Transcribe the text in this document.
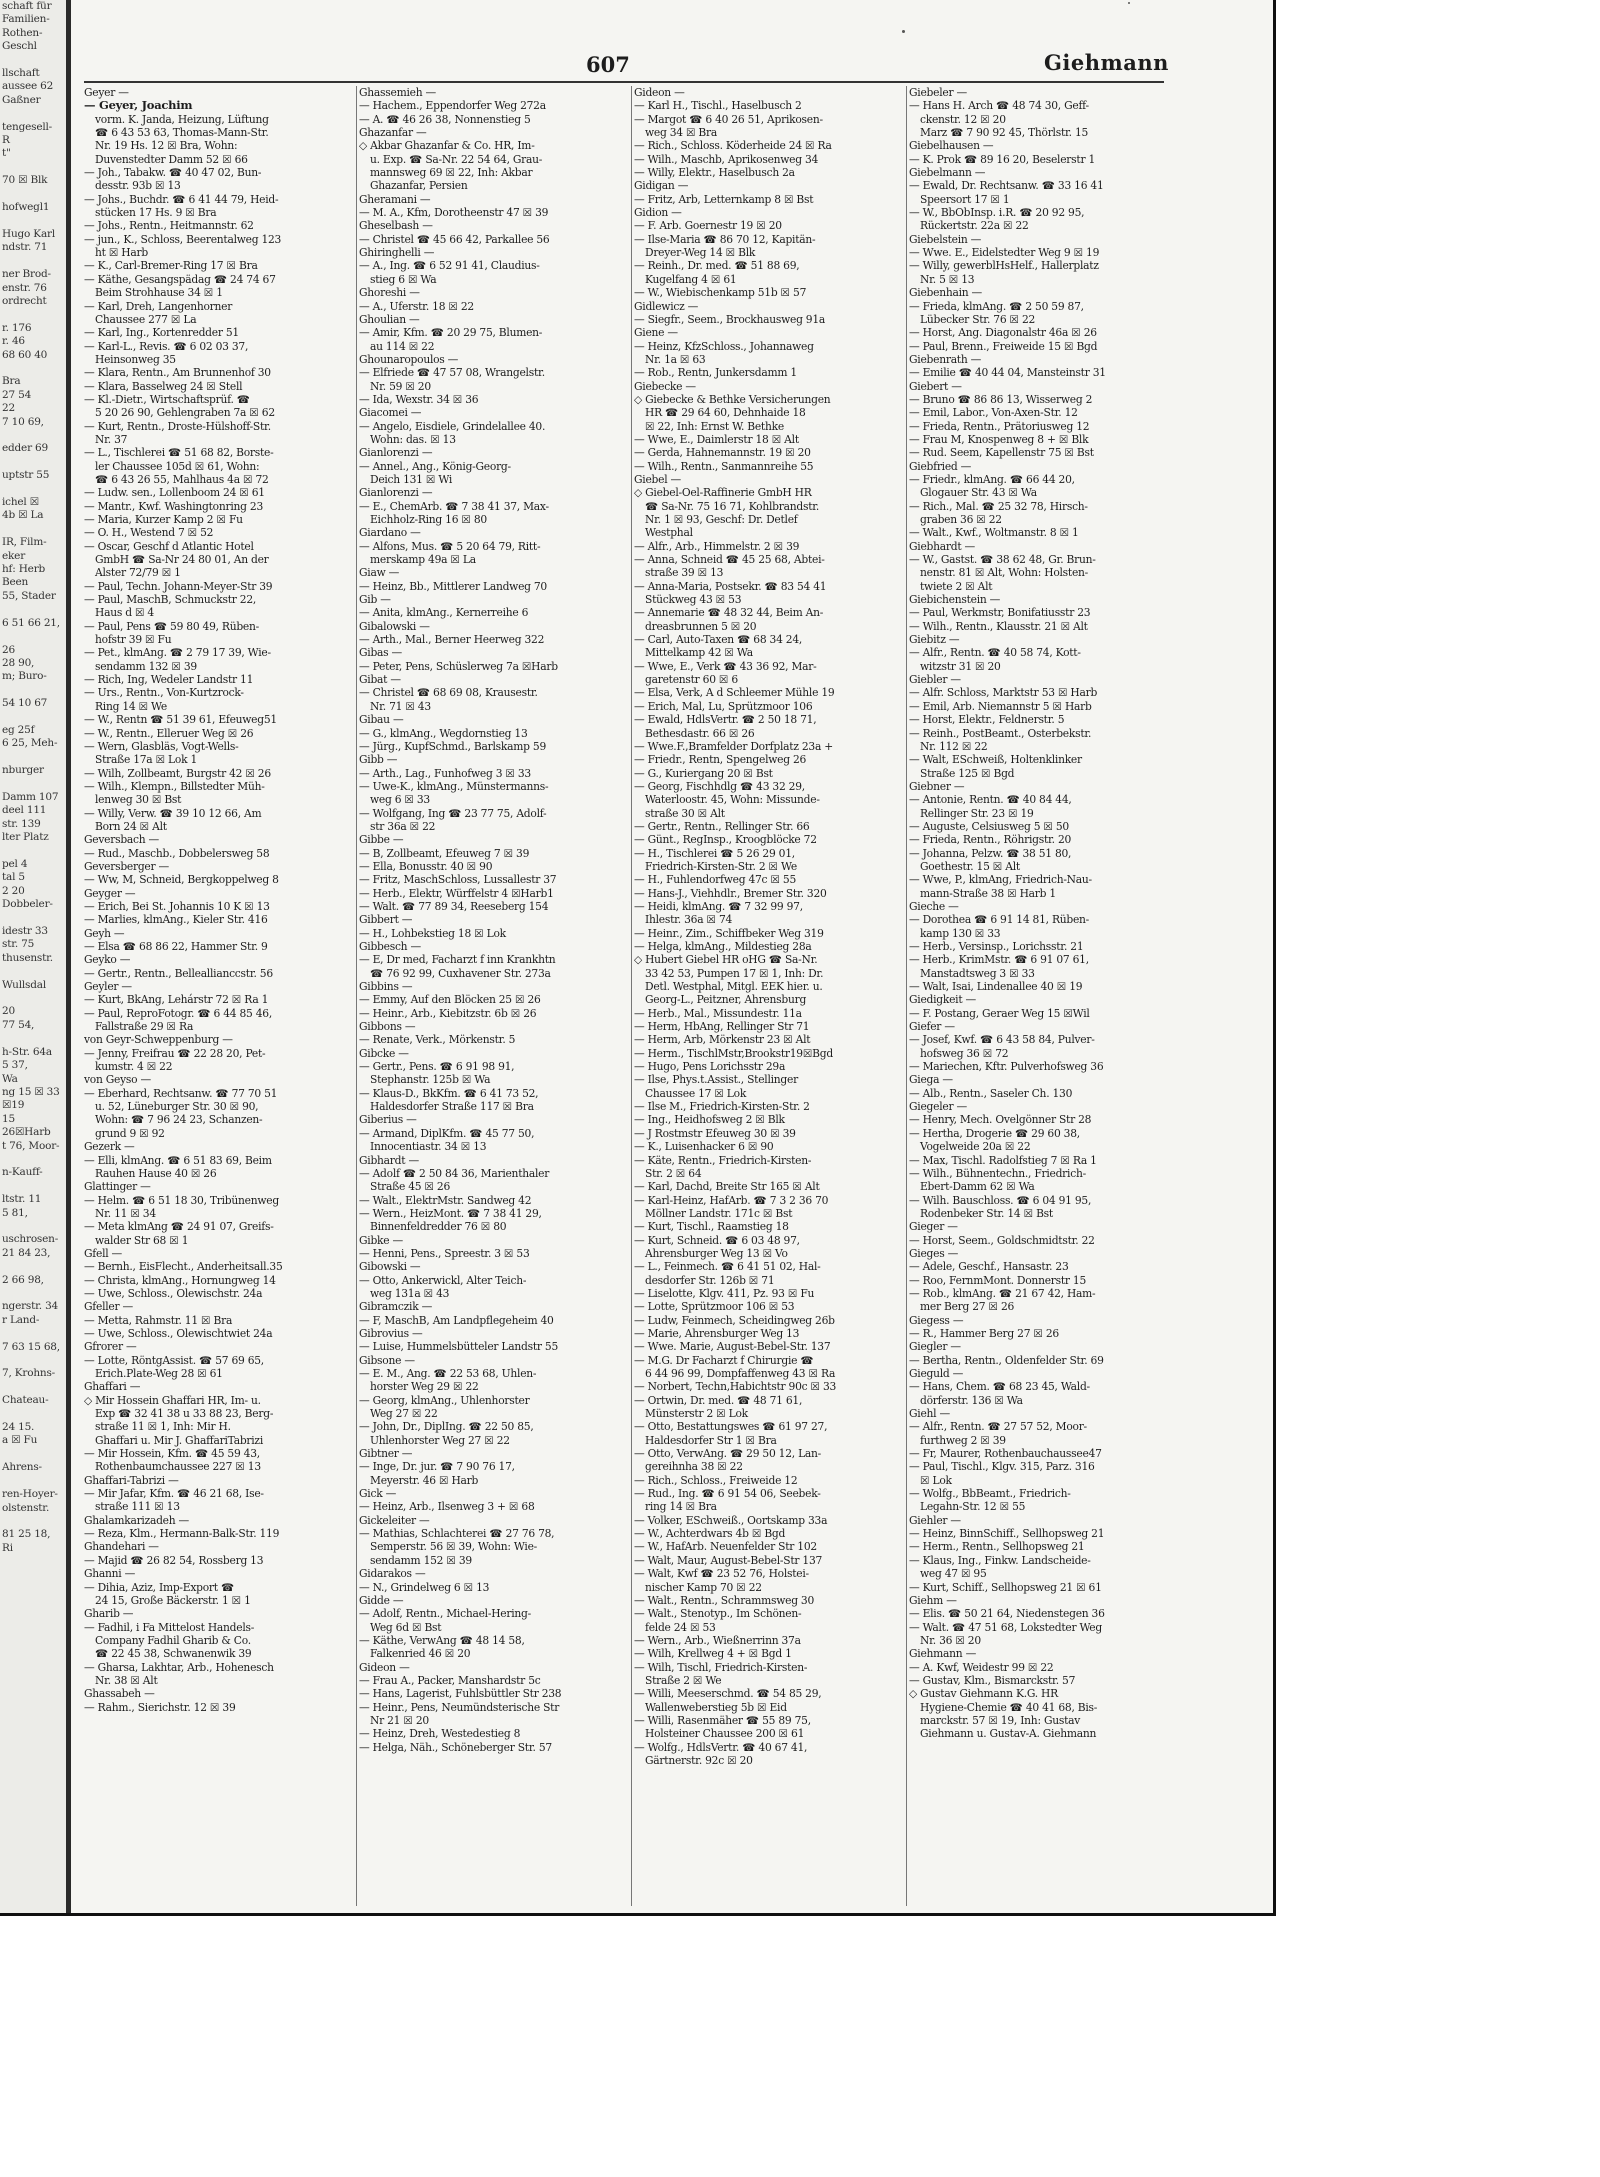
schaft für
Familien-
Rothen-
Geschl

llschaft
aussee 62
Gaßner

tengesell-
R
t"

70 ☒ Blk

hofwegl1

Hugo Karl
ndstr. 71

ner Brod-
enstr. 76
ordrecht

r. 176
r. 46
68 60 40

Bra
27 54
22
7 10 69,

edder 69

uptstr 55

ichel ☒
4b ☒ La

IR, Film-
eker
hf: Herb
Been
55, Stader

6 51 66 21,

26
28 90,
m; Buro-

54 10 67

eg 25f
6 25, Meh-

nburger

Damm 107
deel 111
str. 139
lter Platz

pel 4
tal 5
2 20
Dobbeler-

idestr 33
str. 75
thusenstr.

Wullsdal

20
77 54,

h-Str. 64a
5 37,
Wa
ng 15 ☒ 33
☒19
15
26☒Harb
t 76, Moor-

n-Kauff-

ltstr. 11
5 81,

uschrosen-
21 84 23,

2 66 98,

ngerstr. 34
r Land-

7 63 15 68,

7, Krohns-

Chateau-

24 15.
a ☒ Fu

Ahrens-

ren-Hoyer-
olstenstr.

81 25 18,
Ri
607	Giehmann
Geyer —
— Geyer, Joachim
vorm. K. Janda, Heizung, Lüftung
☎ 6 43 53 63, Thomas-Mann-Str.
Nr. 19 Hs. 12 ☒ Bra, Wohn:
Duvenstedter Damm 52 ☒ 66
— Joh., Tabakw. ☎ 40 47 02, Bun-
desstr. 93b ☒ 13
— Johs., Buchdr. ☎ 6 41 44 79, Heid-
stücken 17 Hs. 9 ☒ Bra
— Johs., Rentn., Heitmannstr. 62
— jun., K., Schloss, Beerentalweg 123
ht ☒ Harb
— K., Carl-Bremer-Ring 17 ☒ Bra
— Käthe, Gesangspädag ☎ 24 74 67
Beim Strohhause 34 ☒ 1
— Karl, Dreh, Langenhorner
Chaussee 277 ☒ La
— Karl, Ing., Kortenredder 51
— Karl-L., Revis. ☎ 6 02 03 37,
Heinsonweg 35
— Klara, Rentn., Am Brunnenhof 30
— Klara, Basselweg 24 ☒ Stell
— Kl.-Dietr., Wirtschaftsprüf. ☎
5 20 26 90, Gehlengraben 7a ☒ 62
— Kurt, Rentn., Droste-Hülshoff-Str.
Nr. 37
— L., Tischlerei ☎ 51 68 82, Borste-
ler Chaussee 105d ☒ 61, Wohn:
☎ 6 43 26 55, Mahlhaus 4a ☒ 72
— Ludw. sen., Lollenboom 24 ☒ 61
— Mantr., Kwf. Washingtonring 23
— Maria, Kurzer Kamp 2 ☒ Fu
— O. H., Westend 7 ☒ 52
— Oscar, Geschf d Atlantic Hotel
GmbH ☎ Sa-Nr 24 80 01, An der
Alster 72/79 ☒ 1
— Paul, Techn. Johann-Meyer-Str 39
— Paul, MaschB, Schmuckstr 22,
Haus d ☒ 4
— Paul, Pens ☎ 59 80 49, Rüben-
hofstr 39 ☒ Fu
— Pet., klmAng. ☎ 2 79 17 39, Wie-
sendamm 132 ☒ 39
— Rich, Ing, Wedeler Landstr 11
— Urs., Rentn., Von-Kurtzrock-
Ring 14 ☒ We
— W., Rentn ☎ 51 39 61, Efeuweg51
— W., Rentn., Elleruer Weg ☒ 26
— Wern, Glasbläs, Vogt-Wells-
Straße 17a ☒ Lok 1
— Wilh, Zollbeamt, Burgstr 42 ☒ 26
— Wilh., Klempn., Billstedter Müh-
lenweg 30 ☒ Bst
— Willy, Verw. ☎ 39 10 12 66, Am
Born 24 ☒ Alt
Geversbach —
— Rud., Maschb., Dobbelersweg 58
Geversberger —
— Ww, M, Schneid, Bergkoppelweg 8
Geyger —
— Erich, Bei St. Johannis 10 K ☒ 13
— Marlies, klmAng., Kieler Str. 416
Geyh —
— Elsa ☎ 68 86 22, Hammer Str. 9
Geyko —
— Gertr., Rentn., Belleallianccstr. 56
Geyler —
— Kurt, BkAng, Lehárstr 72 ☒ Ra 1
— Paul, ReproFotogr. ☎ 6 44 85 46,
Fallstraße 29 ☒ Ra
von Geyr-Schweppenburg —
— Jenny, Freifrau ☎ 22 28 20, Pet-
kumstr. 4 ☒ 22
von Geyso —
— Eberhard, Rechtsanw. ☎ 77 70 51
u. 52, Lüneburger Str. 30 ☒ 90,
Wohn: ☎ 7 96 24 23, Schanzen-
grund 9 ☒ 92
Gezerk —
— Elli, klmAng. ☎ 6 51 83 69, Beim
Rauhen Hause 40 ☒ 26
Glattinger —
— Helm. ☎ 6 51 18 30, Tribünenweg
Nr. 11 ☒ 34
— Meta klmAng ☎ 24 91 07, Greifs-
walder Str 68 ☒ 1
Gfell —
— Bernh., EisFlecht., Anderheitsall.35
— Christa, klmAng., Hornungweg 14
— Uwe, Schloss., Olewischstr. 24a
Gfeller —
— Metta, Rahmstr. 11 ☒ Bra
— Uwe, Schloss., Olewischtwiet 24a
Gfrorer —
— Lotte, RöntgAssist. ☎ 57 69 65,
Erich.Plate-Weg 28 ☒ 61
Ghaffari —
◇ Mir Hossein Ghaffari HR, Im- u.
Exp ☎ 32 41 38 u 33 88 23, Berg-
straße 11 ☒ 1, Inh: Mir H.
Ghaffari u. Mir J. GhaffariTabrizi
— Mir Hossein, Kfm. ☎ 45 59 43,
Rothenbaumchaussee 227 ☒ 13
Ghaffari-Tabrizi —
— Mir Jafar, Kfm. ☎ 46 21 68, Ise-
straße 111 ☒ 13
Ghalamkarizadeh —
— Reza, Klm., Hermann-Balk-Str. 119
Ghandehari —
— Majid ☎ 26 82 54, Rossberg 13
Ghanni —
— Dihia, Aziz, Imp-Export ☎
24 15, Große Bäckerstr. 1 ☒ 1
Gharib —
— Fadhil, i Fa Mittelost Handels-
Company Fadhil Gharib & Co.
☎ 22 45 38, Schwanenwik 39
— Gharsa, Lakhtar, Arb., Hohenesch
Nr. 38 ☒ Alt
Ghassabeh —
— Rahm., Sierichstr. 12 ☒ 39
Ghassemieh —
— Hachem., Eppendorfer Weg 272a
— A. ☎ 46 26 38, Nonnenstieg 5
Ghazanfar —
◇ Akbar Ghazanfar & Co. HR, Im-
u. Exp. ☎ Sa-Nr. 22 54 64, Grau-
mannsweg 69 ☒ 22, Inh: Akbar
Ghazanfar, Persien
Gheramani —
— M. A., Kfm, Dorotheenstr 47 ☒ 39
Gheselbash —
— Christel ☎ 45 66 42, Parkallee 56
Ghiringhelli —
— A., Ing. ☎ 6 52 91 41, Claudius-
stieg 6 ☒ Wa
Ghoreshi —
— A., Uferstr. 18 ☒ 22
Ghoulian —
— Amir, Kfm. ☎ 20 29 75, Blumen-
au 114 ☒ 22
Ghounaropoulos —
— Elfriede ☎ 47 57 08, Wrangelstr.
Nr. 59 ☒ 20
— Ida, Wexstr. 34 ☒ 36
Giacomei —
— Angelo, Eisdiele, Grindelallee 40.
Wohn: das. ☒ 13
Gianlorenzi —
— Annel., Ang., König-Georg-
Deich 131 ☒ Wi
Gianlorenzi —
— E., ChemArb. ☎ 7 38 41 37, Max-
Eichholz-Ring 16 ☒ 80
Giardano —
— Alfons, Mus. ☎ 5 20 64 79, Ritt-
merskamp 49a ☒ La
Giaw —
— Heinz, Bb., Mittlerer Landweg 70
Gib —
— Anita, klmAng., Kernerreihe 6
Gibalowski —
— Arth., Mal., Berner Heerweg 322
Gibas —
— Peter, Pens, Schüslerweg 7a ☒Harb
Gibat —
— Christel ☎ 68 69 08, Krausestr.
Nr. 71 ☒ 43
Gibau —
— G., klmAng., Wegdornstieg 13
— Jürg., KupfSchmd., Barlskamp 59
Gibb —
— Arth., Lag., Funhofweg 3 ☒ 33
— Uwe-K., klmAng., Münstermanns-
weg 6 ☒ 33
— Wolfgang, Ing ☎ 23 77 75, Adolf-
str 36a ☒ 22
Gibbe —
— B, Zollbeamt, Efeuweg 7 ☒ 39
— Ella, Bonusstr. 40 ☒ 90
— Fritz, MaschSchloss, Lussallestr 37
— Herb., Elektr, Würffelstr 4 ☒Harb1
— Walt. ☎ 77 89 34, Reeseberg 154
Gibbert —
— H., Lohbekstieg 18 ☒ Lok
Gibbesch —
— E, Dr med, Facharzt f inn Krankhtn
☎ 76 92 99, Cuxhavener Str. 273a
Gibbins —
— Emmy, Auf den Blöcken 25 ☒ 26
— Heinr., Arb., Kiebitzstr. 6b ☒ 26
Gibbons —
— Renate, Verk., Mörkenstr. 5
Gibcke —
— Gertr., Pens. ☎ 6 91 98 91,
Stephanstr. 125b ☒ Wa
— Klaus-D., BkKfm. ☎ 6 41 73 52,
Haldesdorfer Straße 117 ☒ Bra
Giberius —
— Armand, DiplKfm. ☎ 45 77 50,
Innocentiastr. 34 ☒ 13
Gibhardt —
— Adolf ☎ 2 50 84 36, Marienthaler
Straße 45 ☒ 26
— Walt., ElektrMstr. Sandweg 42
— Wern., HeizMont. ☎ 7 38 41 29,
Binnenfeldredder 76 ☒ 80
Gibke —
— Henni, Pens., Spreestr. 3 ☒ 53
Gibowski —
— Otto, Ankerwickl, Alter Teich-
weg 131a ☒ 43
Gibramczik —
— F, MaschB, Am Landpflegeheim 40
Gibrovius —
— Luise, Hummelsbütteler Landstr 55
Gibsone —
— E. M., Ang. ☎ 22 53 68, Uhlen-
horster Weg 29 ☒ 22
— Georg, klmAng., Uhlenhorster
Weg 27 ☒ 22
— John, Dr., DiplIng. ☎ 22 50 85,
Uhlenhorster Weg 27 ☒ 22
Gibtner —
— Inge, Dr. jur. ☎ 7 90 76 17,
Meyerstr. 46 ☒ Harb
Gick —
— Heinz, Arb., Ilsenweg 3 + ☒ 68
Gickeleiter —
— Mathias, Schlachterei ☎ 27 76 78,
Semperstr. 56 ☒ 39, Wohn: Wie-
sendamm 152 ☒ 39
Gidarakos —
— N., Grindelweg 6 ☒ 13
Gidde —
— Adolf, Rentn., Michael-Hering-
Weg 6d ☒ Bst
— Käthe, VerwAng ☎ 48 14 58,
Falkenried 46 ☒ 20
Gideon —
— Frau A., Packer, Manshardstr 5c
— Hans, Lagerist, Fuhlsbüttler Str 238
— Heinr., Pens, Neumündsterische Str
Nr 21 ☒ 20
— Heinz, Dreh, Westedestieg 8
— Helga, Näh., Schöneberger Str. 57
Gideon —
— Karl H., Tischl., Haselbusch 2
— Margot ☎ 6 40 26 51, Aprikosen-
weg 34 ☒ Bra
— Rich., Schloss. Köderheide 24 ☒ Ra
— Wilh., Maschb, Aprikosenweg 34
— Willy, Elektr., Haselbusch 2a
Gidigan —
— Fritz, Arb, Letternkamp 8 ☒ Bst
Gidion —
— F. Arb. Goernestr 19 ☒ 20
— Ilse-Maria ☎ 86 70 12, Kapitän-
Dreyer-Weg 14 ☒ Blk
— Reinh., Dr. med. ☎ 51 88 69,
Kugelfang 4 ☒ 61
— W., Wiebischenkamp 51b ☒ 57
Gidlewicz —
— Siegfr., Seem., Brockhausweg 91a
Giene —
— Heinz, KfzSchloss., Johannaweg
Nr. 1a ☒ 63
— Rob., Rentn, Junkersdamm 1
Giebecke —
◇ Giebecke & Bethke Versicherungen
HR ☎ 29 64 60, Dehnhaide 18
☒ 22, Inh: Ernst W. Bethke
— Wwe, E., Daimlerstr 18 ☒ Alt
— Gerda, Hahnemannstr. 19 ☒ 20
— Wilh., Rentn., Sanmannreihe 55
Giebel —
◇ Giebel-Oel-Raffinerie GmbH HR
☎ Sa-Nr. 75 16 71, Kohlbrandstr.
Nr. 1 ☒ 93, Geschf: Dr. Detlef
Westphal
— Alfr., Arb., Himmelstr. 2 ☒ 39
— Anna, Schneid ☎ 45 25 68, Abtei-
straße 39 ☒ 13
— Anna-Maria, Postsekr. ☎ 83 54 41
Stückweg 43 ☒ 53
— Annemarie ☎ 48 32 44, Beim An-
dreasbrunnen 5 ☒ 20
— Carl, Auto-Taxen ☎ 68 34 24,
Mittelkamp 42 ☒ Wa
— Wwe, E., Verk ☎ 43 36 92, Mar-
garetenstr 60 ☒ 6
— Elsa, Verk, A d Schleemer Mühle 19
— Erich, Mal, Lu, Sprützmoor 106
— Ewald, HdlsVertr. ☎ 2 50 18 71,
Bethesdastr. 66 ☒ 26
— Wwe.F.,Bramfelder Dorfplatz 23a +
— Friedr., Rentn, Spengelweg 26
— G., Kuriergang 20 ☒ Bst
— Georg, Fischhdlg ☎ 43 32 29,
Waterloostr. 45, Wohn: Missunde-
straße 30 ☒ Alt
— Gertr., Rentn., Rellinger Str. 66
— Günt., RegInsp., Kroogblöcke 72
— H., Tischlerei ☎ 5 26 29 01,
Friedrich-Kirsten-Str. 2 ☒ We
— H., Fuhlendorfweg 47c ☒ 55
— Hans-J., Viehhdlr., Bremer Str. 320
— Heidi, klmAng. ☎ 7 32 99 97,
Ihlestr. 36a ☒ 74
— Heinr., Zim., Schiffbeker Weg 319
— Helga, klmAng., Mildestieg 28a
◇ Hubert Giebel HR oHG ☎ Sa-Nr.
33 42 53, Pumpen 17 ☒ 1, Inh: Dr.
Detl. Westphal, Mitgl. EEK hier. u.
Georg-L., Peitzner, Ahrensburg
— Herb., Mal., Missundestr. 11a
— Herm, HbAng, Rellinger Str 71
— Herm, Arb, Mörkenstr 23 ☒ Alt
— Herm., TischlMstr,Brookstr19☒Bgd
— Hugo, Pens Lorichsstr 29a
— Ilse, Phys.t.Assist., Stellinger
Chaussee 17 ☒ Lok
— Ilse M., Friedrich-Kirsten-Str. 2
— Ing., Heidhofsweg 2 ☒ Blk
— J Rostmstr Efeuweg 30 ☒ 39
— K., Luisenhacker 6 ☒ 90
— Käte, Rentn., Friedrich-Kirsten-
Str. 2 ☒ 64
— Karl, Dachd, Breite Str 165 ☒ Alt
— Karl-Heinz, HafArb. ☎ 7 3 2 36 70
Möllner Landstr. 171c ☒ Bst
— Kurt, Tischl., Raamstieg 18
— Kurt, Schneid. ☎ 6 03 48 97,
Ahrensburger Weg 13 ☒ Vo
— L., Feinmech. ☎ 6 41 51 02, Hal-
desdorfer Str. 126b ☒ 71
— Liselotte, Klgv. 411, Pz. 93 ☒ Fu
— Lotte, Sprützmoor 106 ☒ 53
— Ludw, Feinmech, Scheidingweg 26b
— Marie, Ahrensburger Weg 13
— Wwe. Marie, August-Bebel-Str. 137
— M.G. Dr Facharzt f Chirurgie ☎
6 44 96 99, Dompfaffenweg 43 ☒ Ra
— Norbert, Techn,Habichtstr 90c ☒ 33
— Ortwin, Dr. med. ☎ 48 71 61,
Münsterstr 2 ☒ Lok
— Otto, Bestattungswes ☎ 61 97 27,
Haldesdorfer Str 1 ☒ Bra
— Otto, VerwAng. ☎ 29 50 12, Lan-
gereihnha 38 ☒ 22
— Rich., Schloss., Freiweide 12
— Rud., Ing. ☎ 6 91 54 06, Seebek-
ring 14 ☒ Bra
— Volker, ESchweiß., Oortskamp 33a
— W., Achterdwars 4b ☒ Bgd
— W., HafArb. Neuenfelder Str 102
— Walt, Maur, August-Bebel-Str 137
— Walt, Kwf ☎ 23 52 76, Holstei-
nischer Kamp 70 ☒ 22
— Walt., Rentn., Schrammsweg 30
— Walt., Stenotyp., Im Schönen-
felde 24 ☒ 53
— Wern., Arb., Wießnerrinn 37a
— Wilh, Krellweg 4 + ☒ Bgd 1
— Wilh, Tischl, Friedrich-Kirsten-
Straße 2 ☒ We
— Willi, Meeserschmd. ☎ 54 85 29,
Wallenweberstieg 5b ☒ Eid
— Willi, Rasenmäher ☎ 55 89 75,
Holsteiner Chaussee 200 ☒ 61
— Wolfg., HdlsVertr. ☎ 40 67 41,
Gärtnerstr. 92c ☒ 20
Giebeler —
— Hans H. Arch ☎ 48 74 30, Geff-
ckenstr. 12 ☒ 20
Marz ☎ 7 90 92 45, Thörlstr. 15
Giebelhausen —
— K. Prok ☎ 89 16 20, Beselerstr 1
Giebelmann —
— Ewald, Dr. Rechtsanw. ☎ 33 16 41
Speersort 17 ☒ 1
— W., BbObInsp. i.R. ☎ 20 92 95,
Rückertstr. 22a ☒ 22
Giebelstein —
— Wwe. E., Eidelstedter Weg 9 ☒ 19
— Willy, gewerblHsHelf., Hallerplatz
Nr. 5 ☒ 13
Giebenhain —
— Frieda, klmAng. ☎ 2 50 59 87,
Lübecker Str. 76 ☒ 22
— Horst, Ang. Diagonalstr 46a ☒ 26
— Paul, Brenn., Freiweide 15 ☒ Bgd
Giebenrath —
— Emilie ☎ 40 44 04, Mansteinstr 31
Giebert —
— Bruno ☎ 86 86 13, Wisserweg 2
— Emil, Labor., Von-Axen-Str. 12
— Frieda, Rentn., Prätoriusweg 12
— Frau M, Knospenweg 8 + ☒ Blk
— Rud. Seem, Kapellenstr 75 ☒ Bst
Giebfried —
— Friedr., klmAng. ☎ 66 44 20,
Glogauer Str. 43 ☒ Wa
— Rich., Mal. ☎ 25 32 78, Hirsch-
graben 36 ☒ 22
— Walt., Kwf., Woltmanstr. 8 ☒ 1
Giebhardt —
— W., Gastst. ☎ 38 62 48, Gr. Brun-
nenstr. 81 ☒ Alt, Wohn: Holsten-
twiete 2 ☒ Alt
Giebichenstein —
— Paul, Werkmstr, Bonifatiusstr 23
— Wilh., Rentn., Klausstr. 21 ☒ Alt
Giebitz —
— Alfr., Rentn. ☎ 40 58 74, Kott-
witzstr 31 ☒ 20
Giebler —
— Alfr. Schloss, Marktstr 53 ☒ Harb
— Emil, Arb. Niemannstr 5 ☒ Harb
— Horst, Elektr., Feldnerstr. 5
— Reinh., PostBeamt., Osterbekstr.
Nr. 112 ☒ 22
— Walt, ESchweiß, Holtenklinker
Straße 125 ☒ Bgd
Giebner —
— Antonie, Rentn. ☎ 40 84 44,
Rellinger Str. 23 ☒ 19
— Auguste, Celsiusweg 5 ☒ 50
— Frieda, Rentn., Röhrigstr. 20
— Johanna, Pelzw. ☎ 38 51 80,
Goethestr. 15 ☒ Alt
— Wwe, P., klmAng, Friedrich-Nau-
mann-Straße 38 ☒ Harb 1
Gieche —
— Dorothea ☎ 6 91 14 81, Rüben-
kamp 130 ☒ 33
— Herb., Versinsp., Lorichsstr. 21
— Herb., KrimMstr. ☎ 6 91 07 61,
Manstadtsweg 3 ☒ 33
— Walt, Isai, Lindenallee 40 ☒ 19
Giedigkeit —
— F. Postang, Geraer Weg 15 ☒Wil
Giefer —
— Josef, Kwf. ☎ 6 43 58 84, Pulver-
hofsweg 36 ☒ 72
— Mariechen, Kftr. Pulverhofsweg 36
Giega —
— Alb., Rentn., Saseler Ch. 130
Giegeler —
— Henry, Mech. Ovelgönner Str 28
— Hertha, Drogerie ☎ 29 60 38,
Vogelweide 20a ☒ 22
— Max, Tischl. Radolfstieg 7 ☒ Ra 1
— Wilh., Bühnentechn., Friedrich-
Ebert-Damm 62 ☒ Wa
— Wilh. Bauschloss. ☎ 6 04 91 95,
Rodenbeker Str. 14 ☒ Bst
Gieger —
— Horst, Seem., Goldschmidtstr. 22
Gieges —
— Adele, Geschf., Hansastr. 23
— Roo, FernmMont. Donnerstr 15
— Rob., klmAng. ☎ 21 67 42, Ham-
mer Berg 27 ☒ 26
Giegess —
— R., Hammer Berg 27 ☒ 26
Giegler —
— Bertha, Rentn., Oldenfelder Str. 69
Gieguld —
— Hans, Chem. ☎ 68 23 45, Wald-
dörferstr. 136 ☒ Wa
Giehl —
— Alfr., Rentn. ☎ 27 57 52, Moor-
furthweg 2 ☒ 39
— Fr, Maurer, Rothenbauchaussee47
— Paul, Tischl., Klgv. 315, Parz. 316
☒ Lok
— Wolfg., BbBeamt., Friedrich-
Legahn-Str. 12 ☒ 55
Giehler —
— Heinz, BinnSchiff., Sellhopsweg 21
— Herm., Rentn., Sellhopsweg 21
— Klaus, Ing., Finkw. Landscheide-
weg 47 ☒ 95
— Kurt, Schiff., Sellhopsweg 21 ☒ 61
Giehm —
— Elis. ☎ 50 21 64, Niedenstegen 36
— Walt. ☎ 47 51 68, Lokstedter Weg
Nr. 36 ☒ 20
Giehmann —
— A. Kwf, Weidestr 99 ☒ 22
— Gustav, Klm., Bismarckstr. 57
◇ Gustav Giehmann K.G. HR
Hygiene-Chemie ☎ 40 41 68, Bis-
marckstr. 57 ☒ 19, Inh: Gustav
Giehmann u. Gustav-A. Giehmann
